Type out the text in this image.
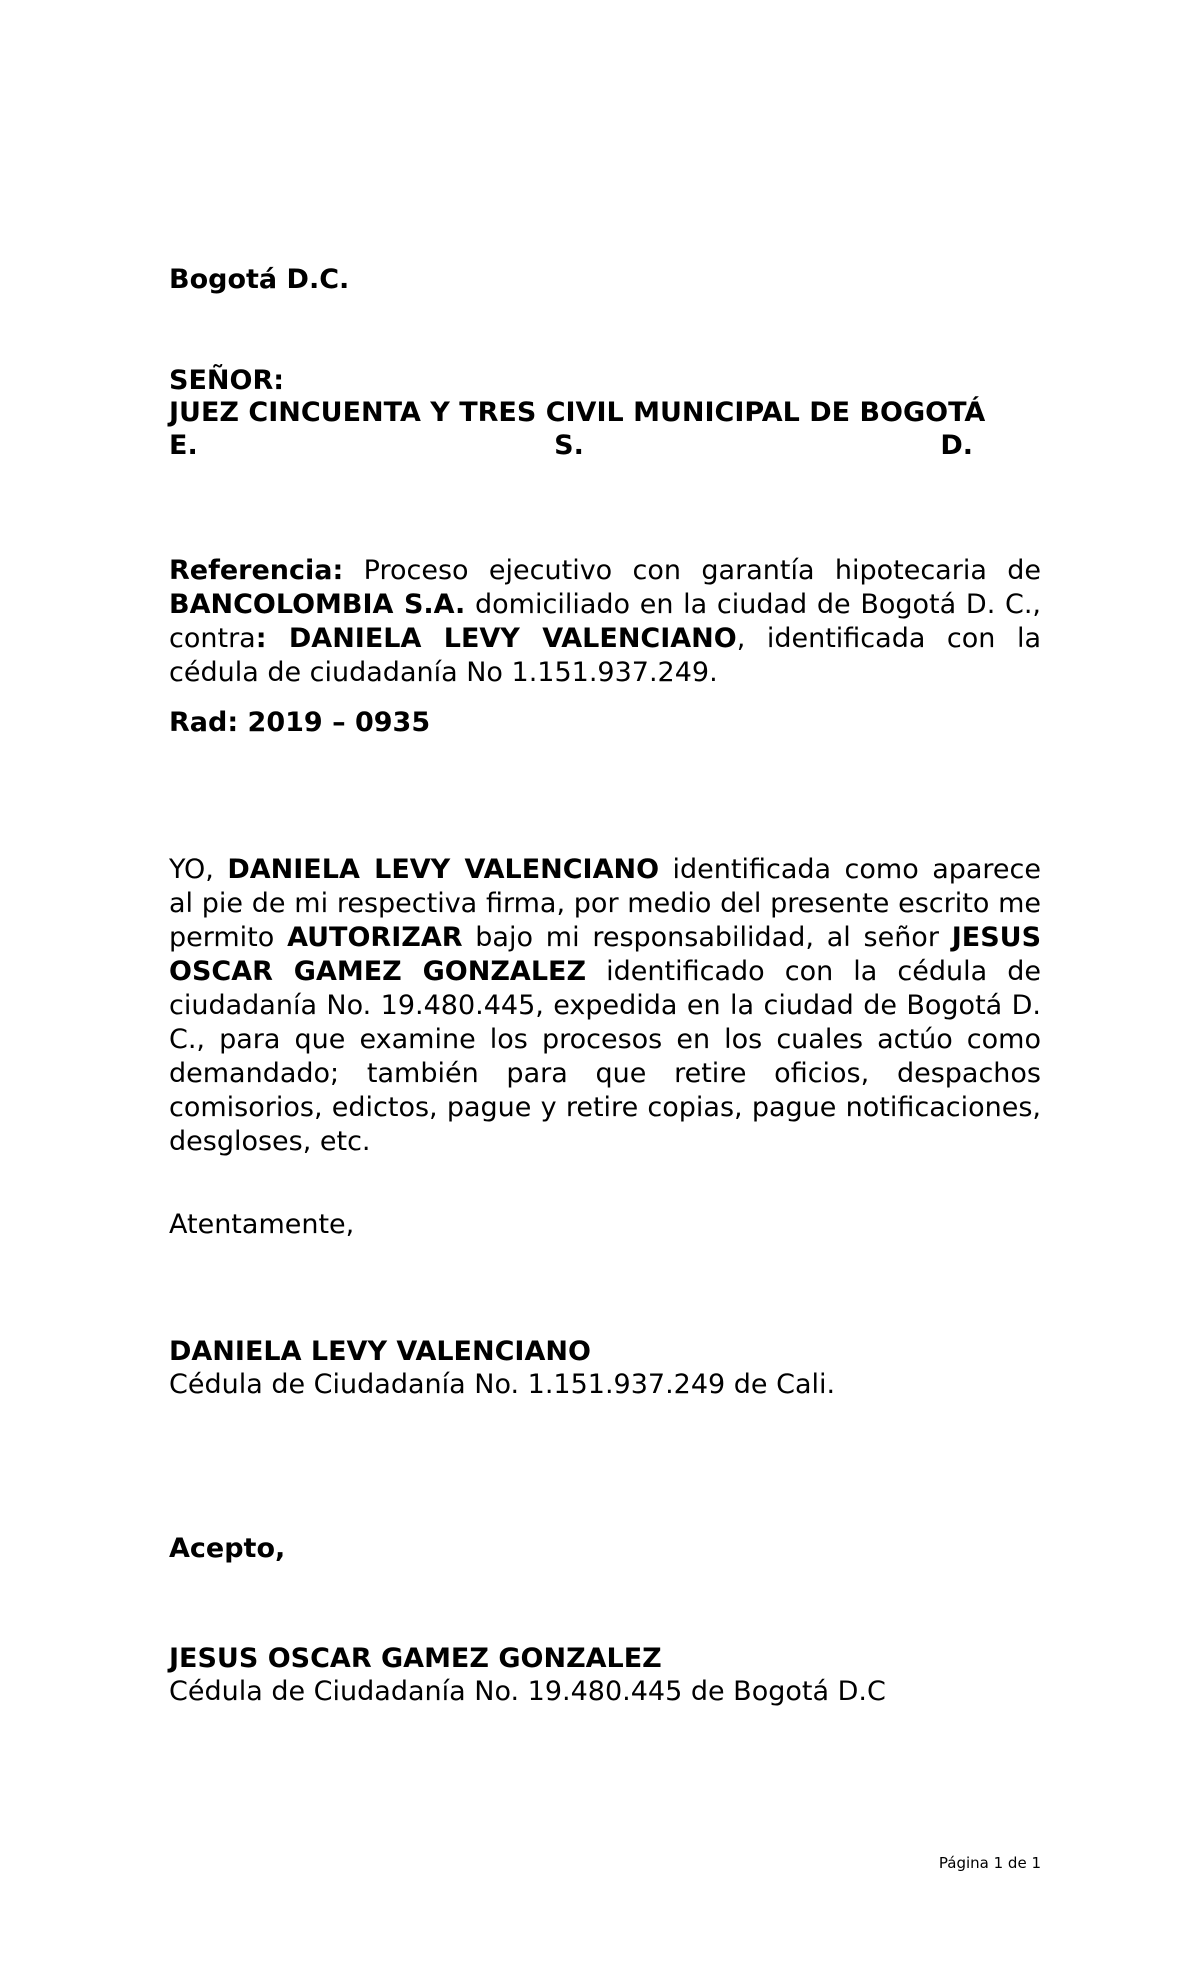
Bogotá D.C.
SEÑOR:
JUEZ CINCUENTA Y TRES CIVIL MUNICIPAL DE BOGOTÁ
E.	S.	D.
Referencia: Proceso ejecutivo con garantía hipotecaria de BANCOLOMBIA S.A. domiciliado en la ciudad de Bogotá D. C., contra: DANIELA LEVY VALENCIANO, identificada con la cédula de ciudadanía No 1.151.937.249.
Rad: 2019 – 0935
YO, DANIELA LEVY VALENCIANO identificada como aparece al pie de mi respectiva firma, por medio del presente escrito me permito AUTORIZAR bajo mi responsabilidad, al señor JESUS OSCAR GAMEZ GONZALEZ identificado con la cédula de ciudadanía No. 19.480.445, expedida en la ciudad de Bogotá D. C., para que examine los procesos en los cuales actúo como demandado; también para que retire oficios, despachos comisorios, edictos, pague y retire copias, pague notificaciones, desgloses, etc.
Atentamente,
DANIELA LEVY VALENCIANO
Cédula de Ciudadanía No. 1.151.937.249 de Cali.
Acepto,
JESUS OSCAR GAMEZ GONZALEZ
Cédula de Ciudadanía No. 19.480.445 de Bogotá D.C
Página 1 de 1
